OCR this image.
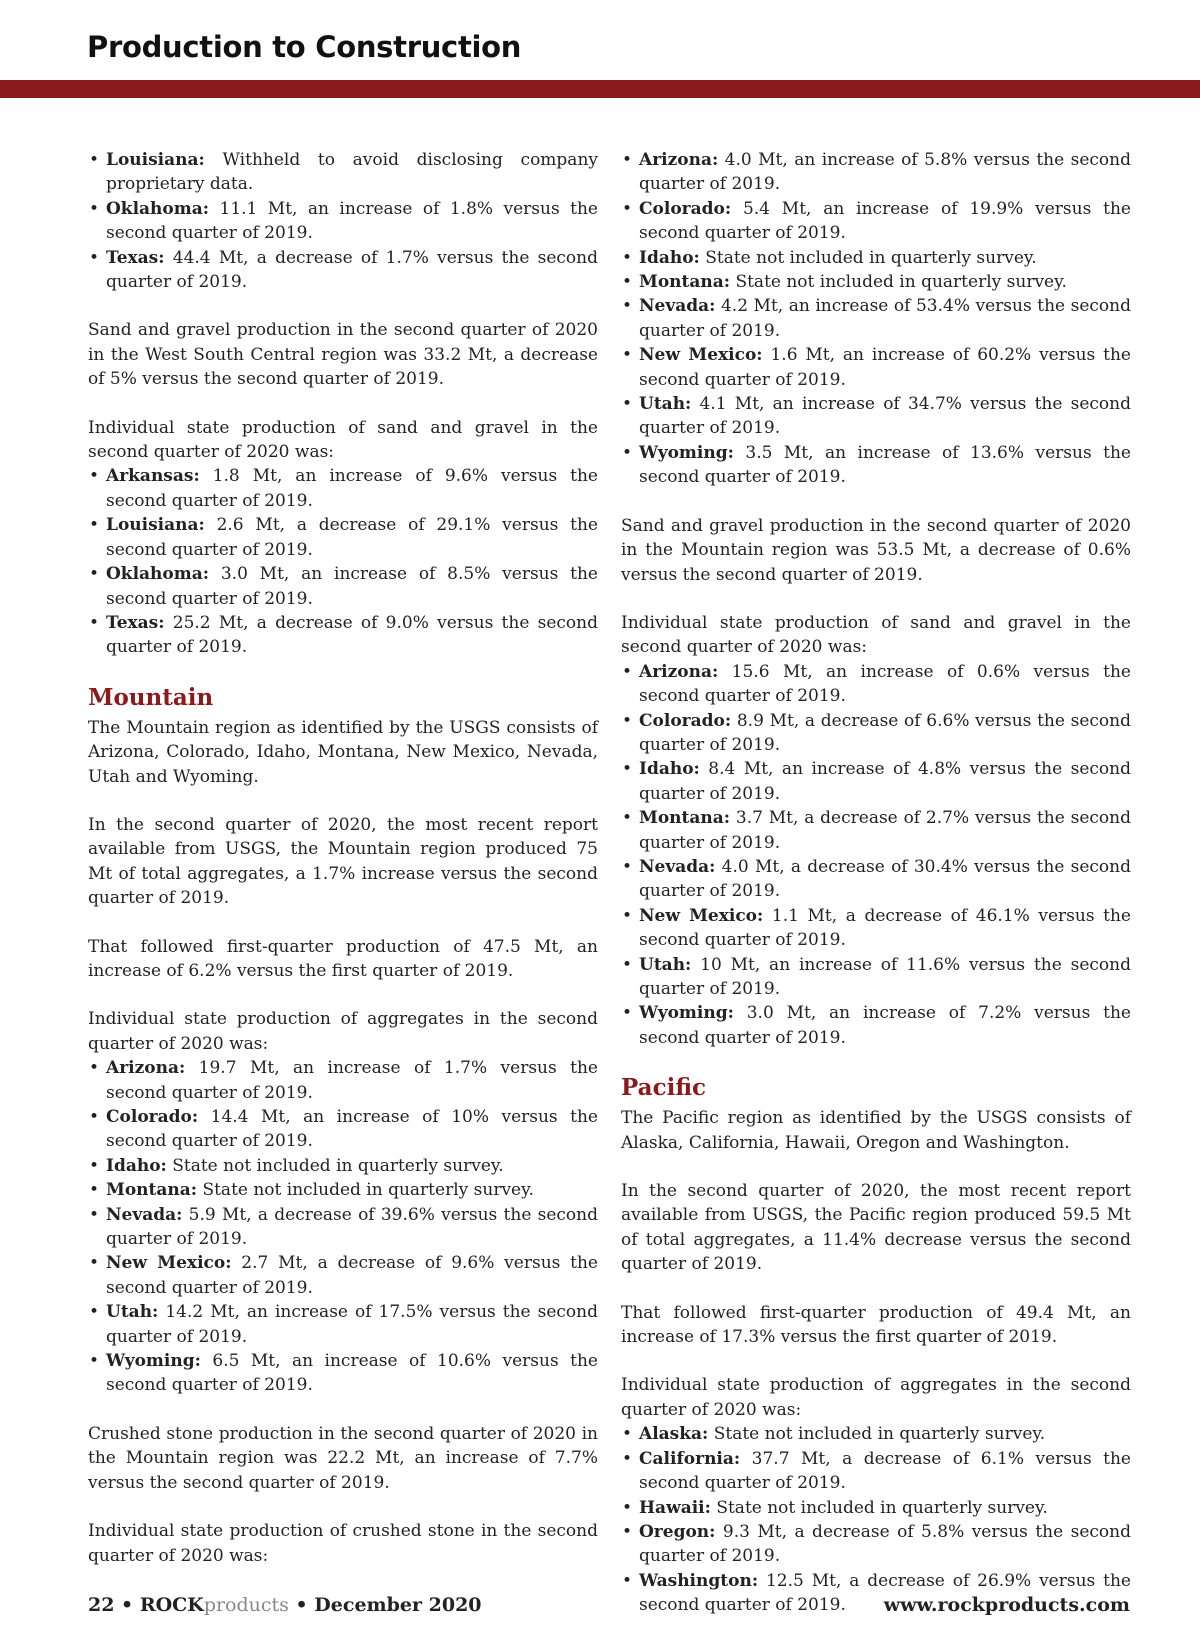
Production to Construction
• Louisiana: Withheld to avoid disclosing company proprietary data.
• Oklahoma: 11.1 Mt, an increase of 1.8% versus the second quarter of 2019.
• Texas: 44.4 Mt, a decrease of 1.7% versus the second quarter of 2019.

Sand and gravel production in the second quarter of 2020 in the West South Central region was 33.2 Mt, a decrease of 5% versus the second quarter of 2019.

Individual state production of sand and gravel in the second quarter of 2020 was:

• Arkansas: 1.8 Mt, an increase of 9.6% versus the second quarter of 2019.
• Louisiana: 2.6 Mt, a decrease of 29.1% versus the second quarter of 2019.
• Oklahoma: 3.0 Mt, an increase of 8.5% versus the second quarter of 2019.
• Texas: 25.2 Mt, a decrease of 9.0% versus the second quarter of 2019.
Mountain

The Mountain region as identified by the USGS consists of Arizona, Colorado, Idaho, Montana, New Mexico, Nevada, Utah and Wyoming.

In the second quarter of 2020, the most recent report available from USGS, the Mountain region produced 75 Mt of total aggregates, a 1.7% increase versus the second quarter of 2019.

That followed first-quarter production of 47.5 Mt, an increase of 6.2% versus the first quarter of 2019.

Individual state production of aggregates in the second quarter of 2020 was:

• Arizona: 19.7 Mt, an increase of 1.7% versus the second quarter of 2019.
• Colorado: 14.4 Mt, an increase of 10% versus the second quarter of 2019.
• Idaho: State not included in quarterly survey.
• Montana: State not included in quarterly survey.
• Nevada: 5.9 Mt, a decrease of 39.6% versus the second quarter of 2019.
• New Mexico: 2.7 Mt, a decrease of 9.6% versus the second quarter of 2019.
• Utah: 14.2 Mt, an increase of 17.5% versus the second quarter of 2019.
• Wyoming: 6.5 Mt, an increase of 10.6% versus the second quarter of 2019.

Crushed stone production in the second quarter of 2020 in the Mountain region was 22.2 Mt, an increase of 7.7% versus the second quarter of 2019.

Individual state production of crushed stone in the second quarter of 2020 was:

• Arizona: 4.0 Mt, an increase of 5.8% versus the second quarter of 2019.
• Colorado: 5.4 Mt, an increase of 19.9% versus the second quarter of 2019.
• Idaho: State not included in quarterly survey.
• Montana: State not included in quarterly survey.
• Nevada: 4.2 Mt, an increase of 53.4% versus the second quarter of 2019.
• New Mexico: 1.6 Mt, an increase of 60.2% versus the second quarter of 2019.
• Utah: 4.1 Mt, an increase of 34.7% versus the second quarter of 2019.
• Wyoming: 3.5 Mt, an increase of 13.6% versus the second quarter of 2019.

Sand and gravel production in the second quarter of 2020 in the Mountain region was 53.5 Mt, a decrease of 0.6% versus the second quarter of 2019.

Individual state production of sand and gravel in the second quarter of 2020 was:

• Arizona: 15.6 Mt, an increase of 0.6% versus the second quarter of 2019.
• Colorado: 8.9 Mt, a decrease of 6.6% versus the second quarter of 2019.
• Idaho: 8.4 Mt, an increase of 4.8% versus the second quarter of 2019.
• Montana: 3.7 Mt, a decrease of 2.7% versus the second quarter of 2019.
• Nevada: 4.0 Mt, a decrease of 30.4% versus the second quarter of 2019.
• New Mexico: 1.1 Mt, a decrease of 46.1% versus the second quarter of 2019.
• Utah: 10 Mt, an increase of 11.6% versus the second quarter of 2019.
• Wyoming: 3.0 Mt, an increase of 7.2% versus the second quarter of 2019.
Pacific

The Pacific region as identified by the USGS consists of Alaska, California, Hawaii, Oregon and Washington.

In the second quarter of 2020, the most recent report available from USGS, the Pacific region produced 59.5 Mt of total aggregates, a 11.4% decrease versus the second quarter of 2019.

That followed first-quarter production of 49.4 Mt, an increase of 17.3% versus the first quarter of 2019.

Individual state production of aggregates in the second quarter of 2020 was:

• Alaska: State not included in quarterly survey.
• California: 37.7 Mt, a decrease of 6.1% versus the second quarter of 2019.
• Hawaii: State not included in quarterly survey.
• Oregon: 9.3 Mt, a decrease of 5.8% versus the second quarter of 2019.
• Washington: 12.5 Mt, a decrease of 26.9% versus the second quarter of 2019.
22 • ROCKproducts • December 2020	www.rockproducts.com
